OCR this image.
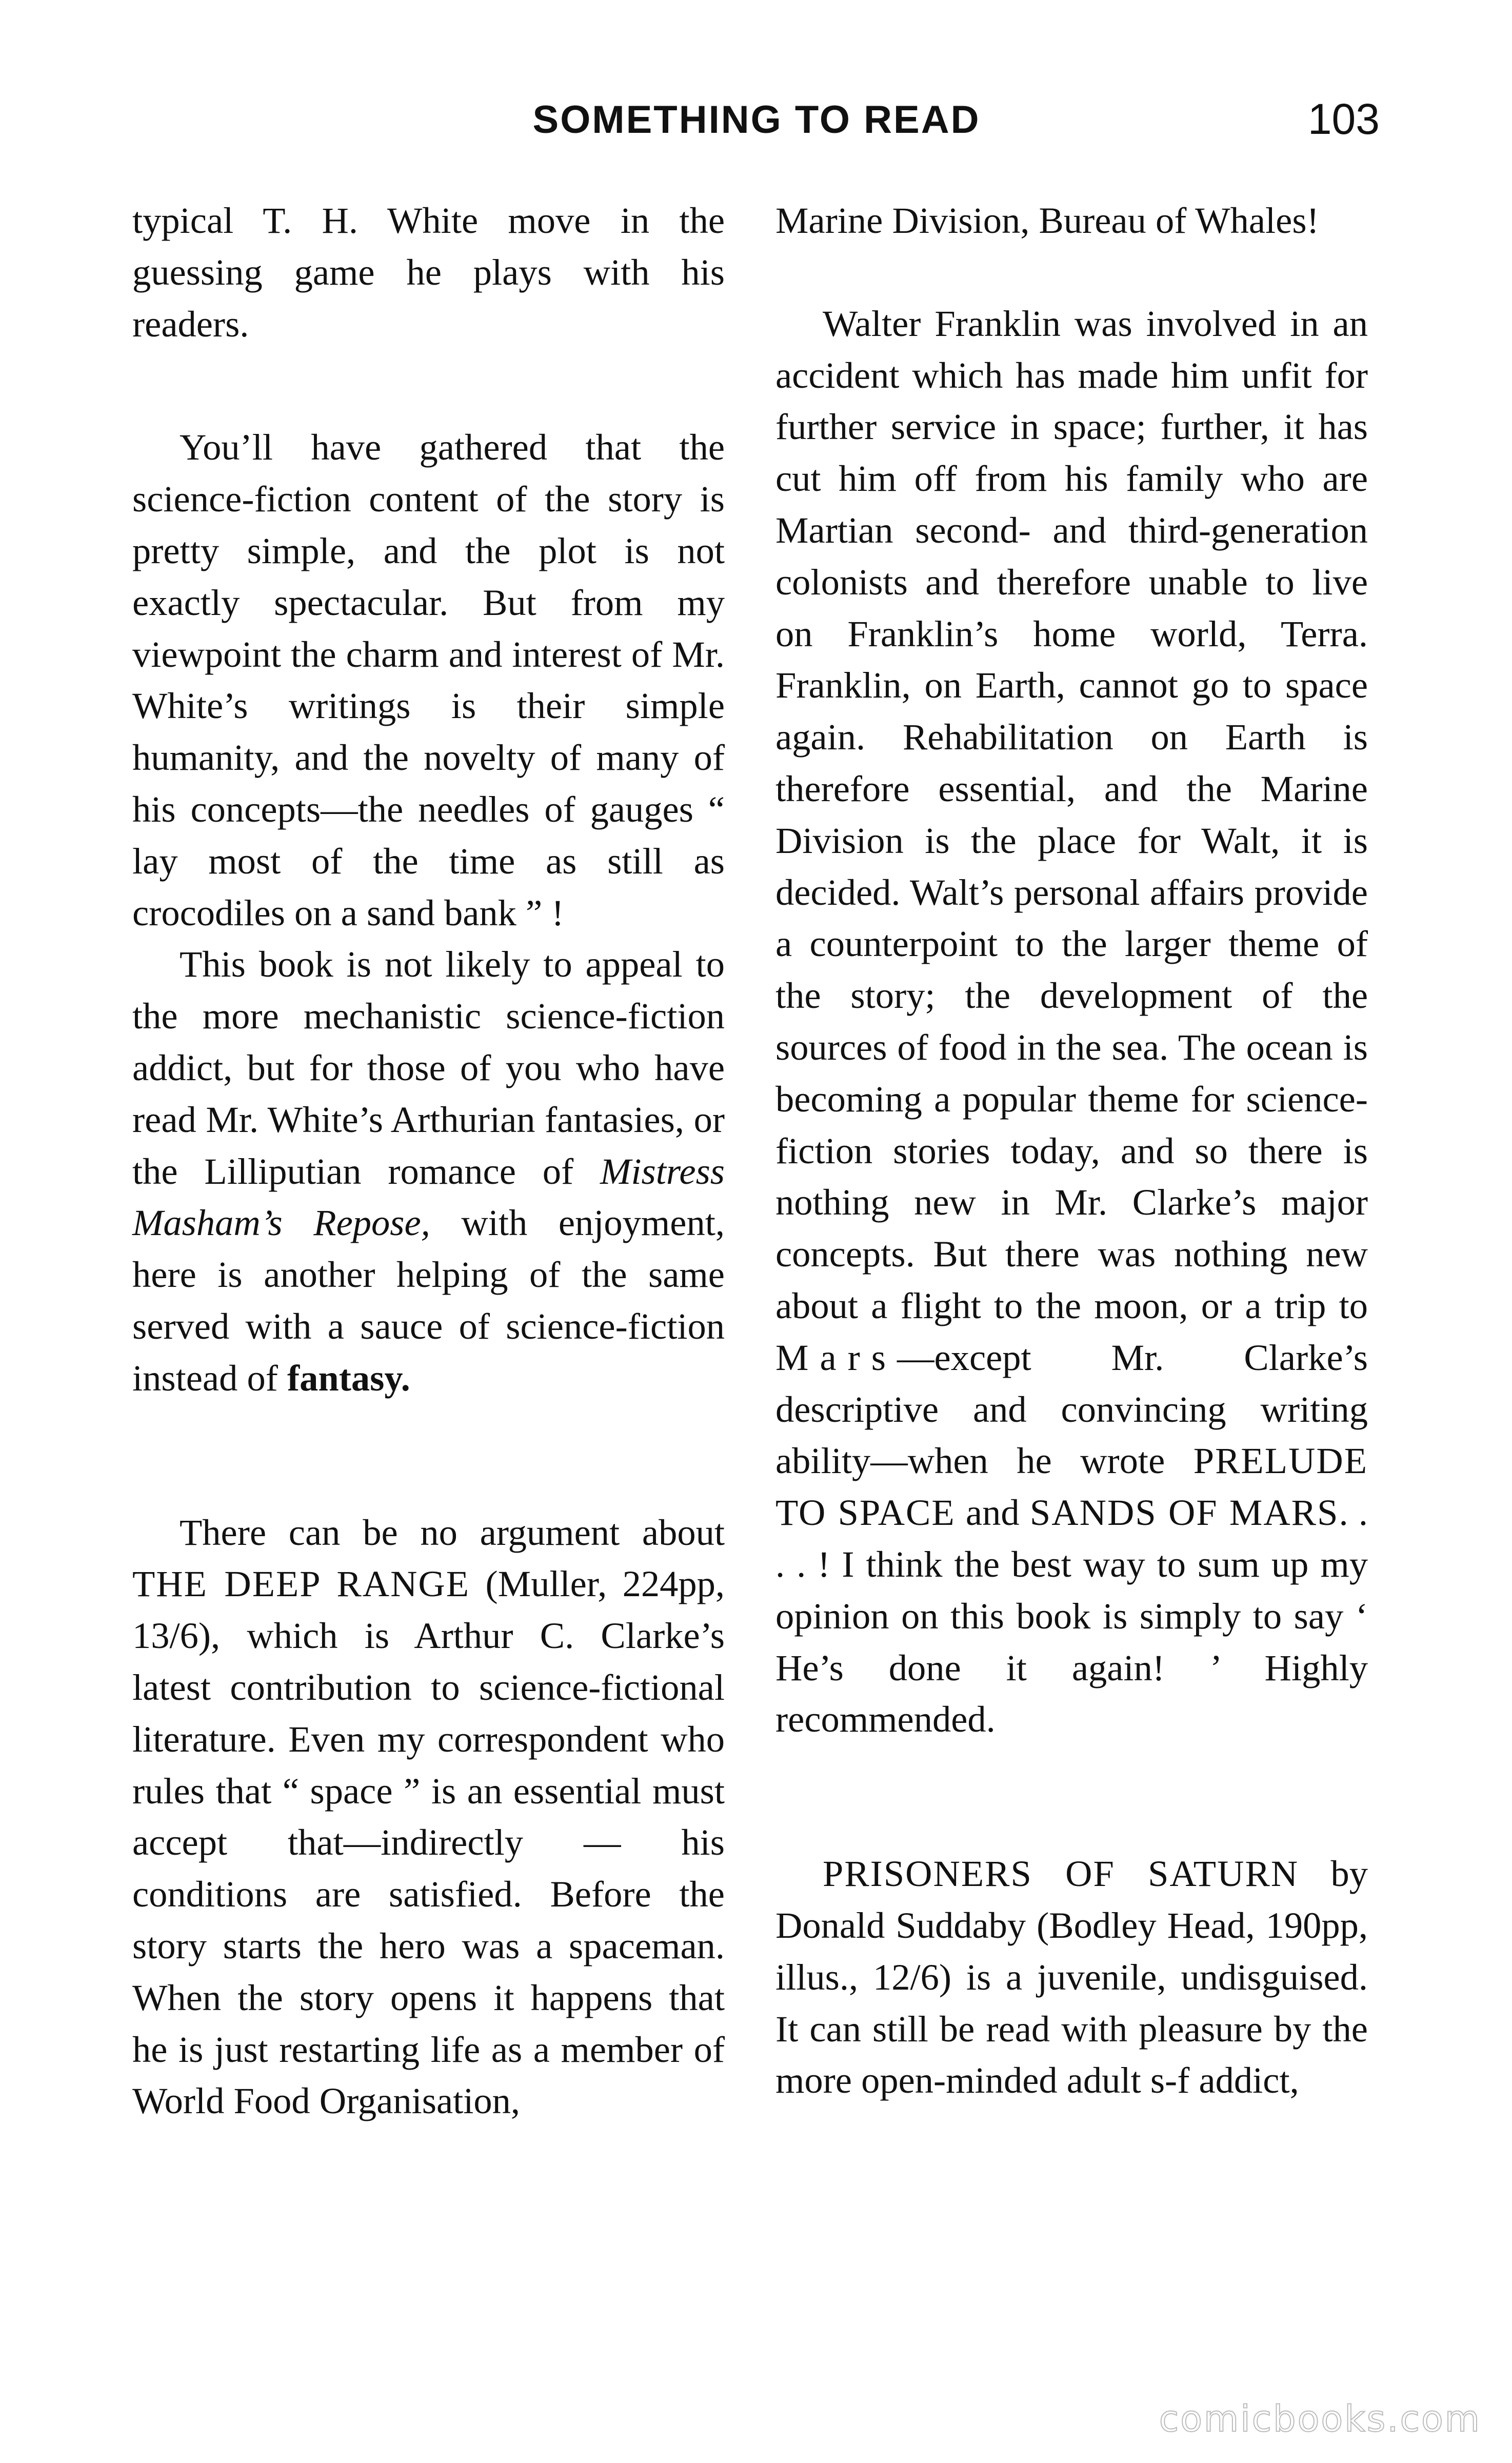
SOMETHING TO READ	103

typical T. H. White move in the guessing game he plays with his readers.

You’ll have gathered that the science-fiction content of the story is pretty simple, and the plot is not exactly spectacular. But from my viewpoint the charm and interest of Mr. White’s writings is their simple humanity, and the novelty of many of his concepts—the needles of gauges “ lay most of the time as still as crocodiles on a sand bank ” !

This book is not likely to appeal to the more mechanistic science-fiction addict, but for those of you who have read Mr. White’s Arthurian fantasies, or the Lilliputian romance of Mistress Masham’s Repose, with enjoyment, here is another helping of the same served with a sauce of science-fiction instead of fantasy.

There can be no argument about THE DEEP RANGE (Muller, 224pp, 13/6), which is Arthur C. Clarke’s latest contribution to science-fictional literature. Even my correspondent who rules that “ space ” is an essential must accept that—indirectly — his conditions are satisfied. Before the story starts the hero was a spaceman. When the story opens it happens that he is just restarting life as a member of World Food Organisation,

Marine Division, Bureau of Whales!

Walter Franklin was involved in an accident which has made him unfit for further service in space; further, it has cut him off from his family who are Martian second- and third-generation colonists and therefore unable to live on Franklin’s home world, Terra. Franklin, on Earth, cannot go to space again. Rehabilitation on Earth is therefore essential, and the Marine Division is the place for Walt, it is decided. Walt’s personal affairs provide a counterpoint to the larger theme of the story; the development of the sources of food in the sea. The ocean is becoming a popular theme for science-fiction stories today, and so there is nothing new in Mr. Clarke’s major concepts. But there was nothing new about a flight to the moon, or a trip to Mars—except Mr. Clarke’s descriptive and convincing writing ability—when he wrote PRELUDE TO SPACE and SANDS OF MARS. . . . ! I think the best way to sum up my opinion on this book is simply to say ‘ He’s done it again! ’ Highly recommended.

PRISONERS OF SATURN by Donald Suddaby (Bodley Head, 190pp, illus., 12/6) is a juvenile, undisguised. It can still be read with pleasure by the more open-minded adult s-f addict,

comicbooks.com
